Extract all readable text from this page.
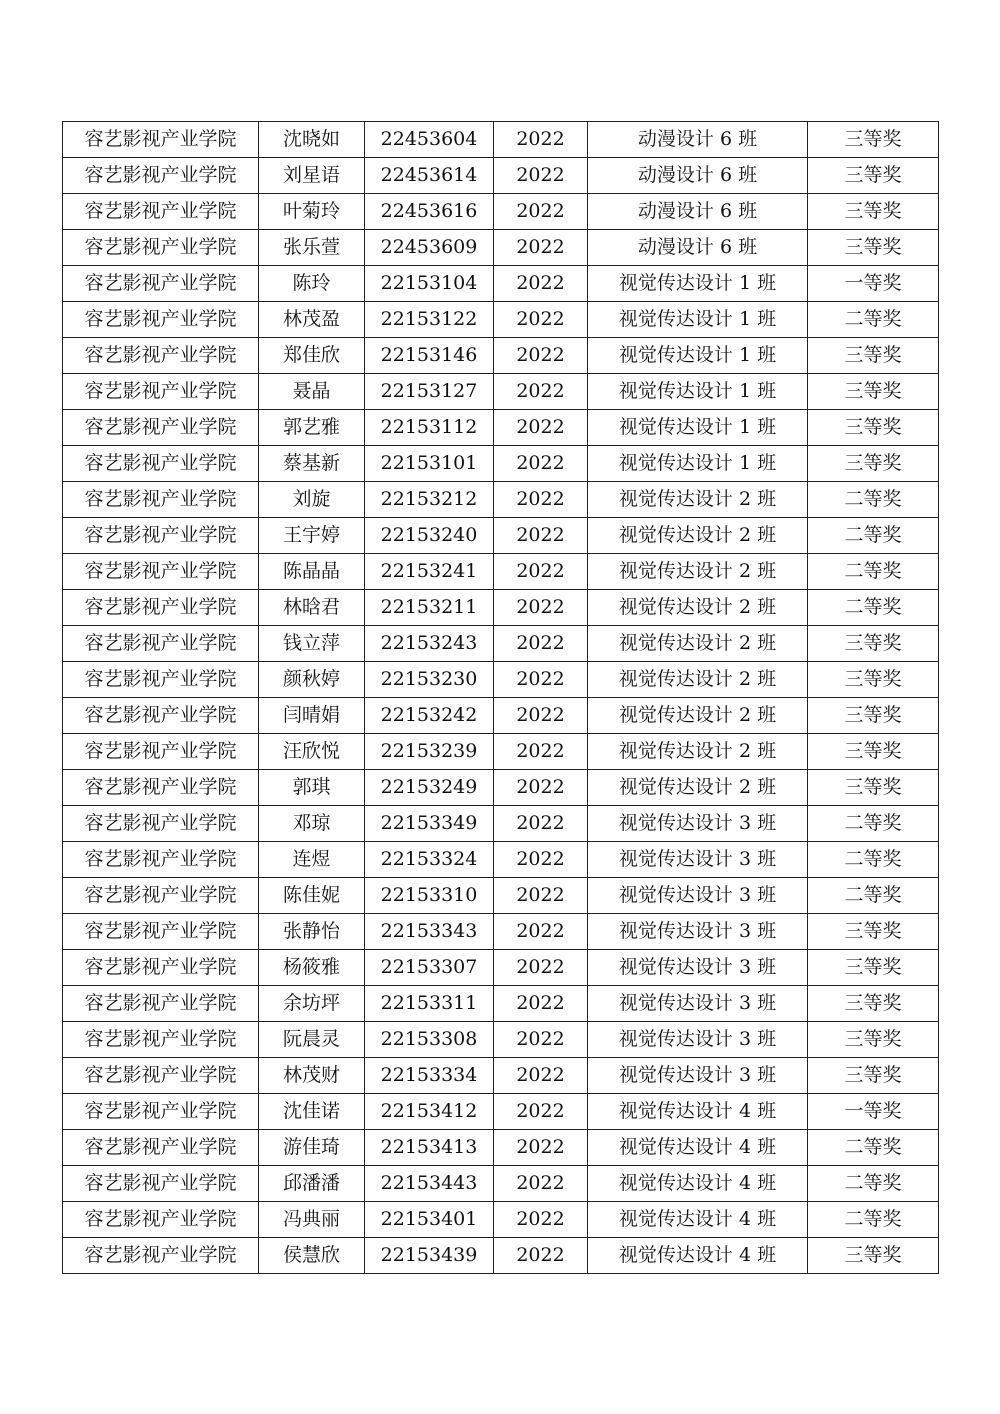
容艺影视产业学院	沈晓如	22453604	2022	动漫设计 6 班	三等奖
容艺影视产业学院	刘星语	22453614	2022	动漫设计 6 班	三等奖
容艺影视产业学院	叶菊玲	22453616	2022	动漫设计 6 班	三等奖
容艺影视产业学院	张乐萱	22453609	2022	动漫设计 6 班	三等奖
容艺影视产业学院	陈玲	22153104	2022	视觉传达设计 1 班	一等奖
容艺影视产业学院	林茂盈	22153122	2022	视觉传达设计 1 班	二等奖
容艺影视产业学院	郑佳欣	22153146	2022	视觉传达设计 1 班	三等奖
容艺影视产业学院	聂晶	22153127	2022	视觉传达设计 1 班	三等奖
容艺影视产业学院	郭艺雅	22153112	2022	视觉传达设计 1 班	三等奖
容艺影视产业学院	蔡基新	22153101	2022	视觉传达设计 1 班	三等奖
容艺影视产业学院	刘旋	22153212	2022	视觉传达设计 2 班	二等奖
容艺影视产业学院	王宇婷	22153240	2022	视觉传达设计 2 班	二等奖
容艺影视产业学院	陈晶晶	22153241	2022	视觉传达设计 2 班	二等奖
容艺影视产业学院	林晗君	22153211	2022	视觉传达设计 2 班	二等奖
容艺影视产业学院	钱立萍	22153243	2022	视觉传达设计 2 班	三等奖
容艺影视产业学院	颜秋婷	22153230	2022	视觉传达设计 2 班	三等奖
容艺影视产业学院	闫晴娟	22153242	2022	视觉传达设计 2 班	三等奖
容艺影视产业学院	汪欣悦	22153239	2022	视觉传达设计 2 班	三等奖
容艺影视产业学院	郭琪	22153249	2022	视觉传达设计 2 班	三等奖
容艺影视产业学院	邓琼	22153349	2022	视觉传达设计 3 班	二等奖
容艺影视产业学院	连煜	22153324	2022	视觉传达设计 3 班	二等奖
容艺影视产业学院	陈佳妮	22153310	2022	视觉传达设计 3 班	二等奖
容艺影视产业学院	张静怡	22153343	2022	视觉传达设计 3 班	三等奖
容艺影视产业学院	杨筱雅	22153307	2022	视觉传达设计 3 班	三等奖
容艺影视产业学院	余坊坪	22153311	2022	视觉传达设计 3 班	三等奖
容艺影视产业学院	阮晨灵	22153308	2022	视觉传达设计 3 班	三等奖
容艺影视产业学院	林茂财	22153334	2022	视觉传达设计 3 班	三等奖
容艺影视产业学院	沈佳诺	22153412	2022	视觉传达设计 4 班	一等奖
容艺影视产业学院	游佳琦	22153413	2022	视觉传达设计 4 班	二等奖
容艺影视产业学院	邱潘潘	22153443	2022	视觉传达设计 4 班	二等奖
容艺影视产业学院	冯典丽	22153401	2022	视觉传达设计 4 班	二等奖
容艺影视产业学院	侯慧欣	22153439	2022	视觉传达设计 4 班	三等奖
